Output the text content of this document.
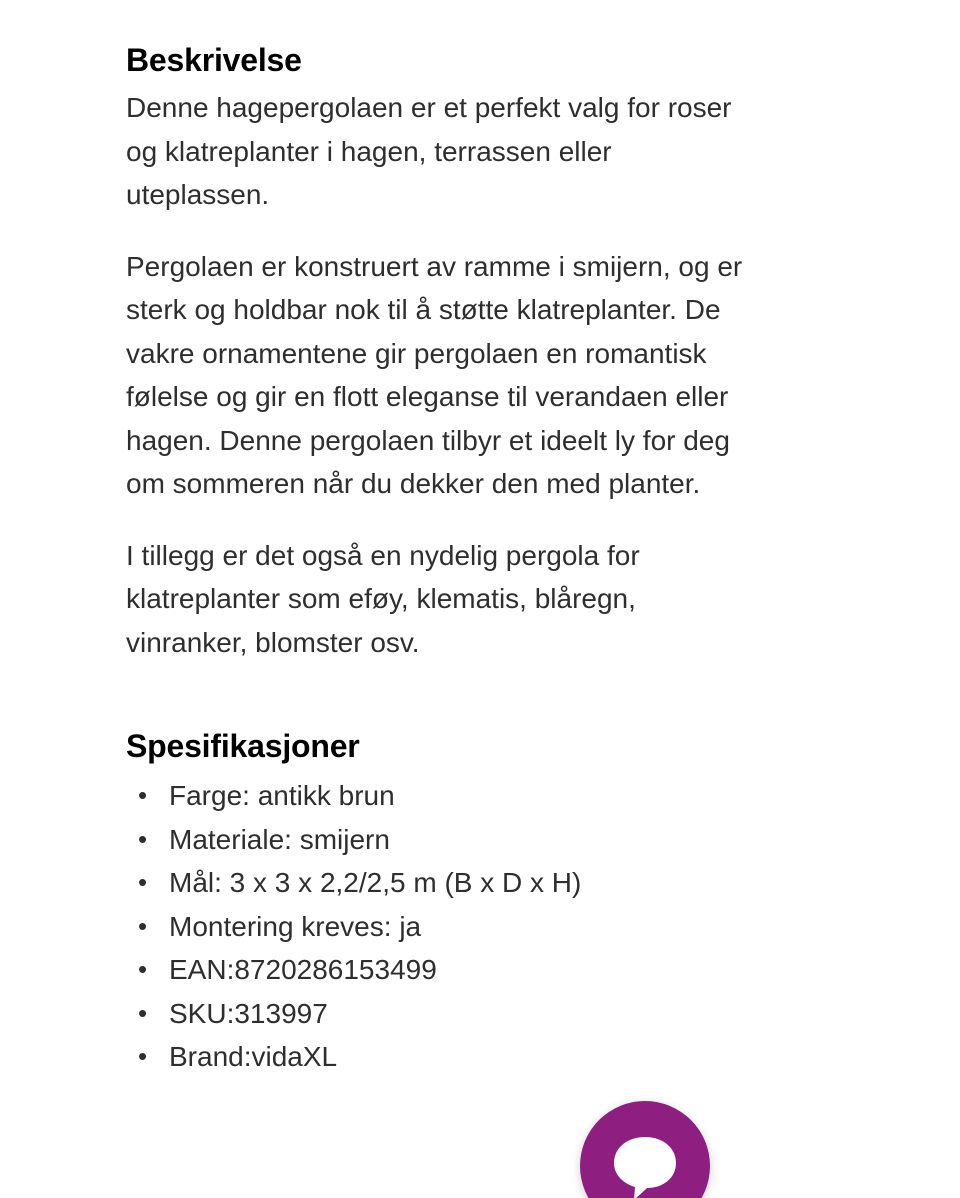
Beskrivelse

Denne hagepergolaen er et perfekt valg for roser og klatreplanter i hagen, terrassen eller uteplassen.

Pergolaen er konstruert av ramme i smijern, og er sterk og holdbar nok til å støtte klatreplanter. De vakre ornamentene gir pergolaen en romantisk følelse og gir en flott eleganse til verandaen eller hagen. Denne pergolaen tilbyr et ideelt ly for deg om sommeren når du dekker den med planter.

I tillegg er det også en nydelig pergola for klatreplanter som eføy, klematis, blåregn, vinranker, blomster osv.

Spesifikasjoner
• Farge: antikk brun
• Materiale: smijern
• Mål: 3 x 3 x 2,2/2,5 m (B x D x H)
• Montering kreves: ja
• EAN:8720286153499
• SKU:313997
• Brand:vidaXL
